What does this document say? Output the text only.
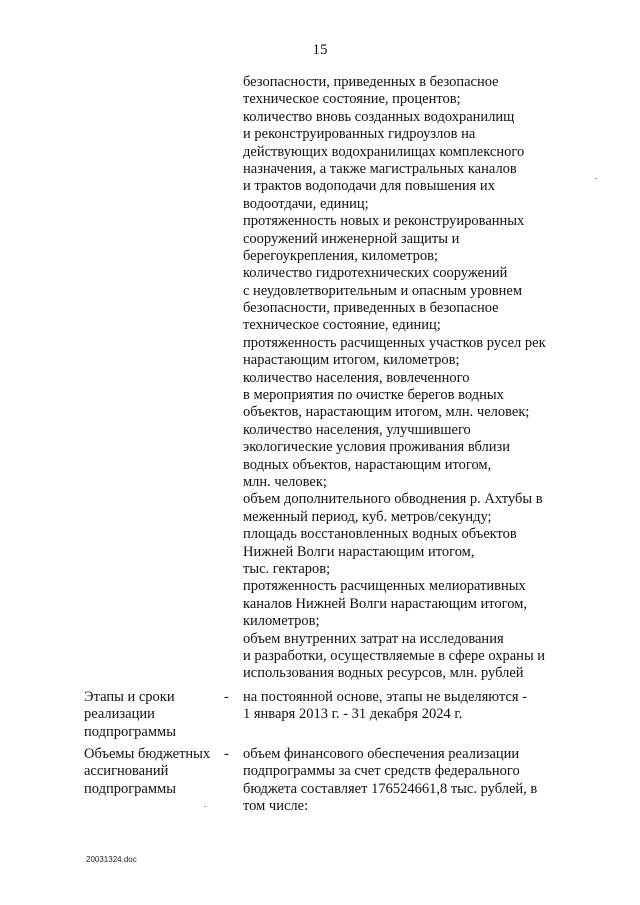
15
безопасности, приведенных в безопасное
техническое состояние, процентов;
количество вновь созданных водохранилищ
и реконструированных гидроузлов на
действующих водохранилищах комплексного
назначения, а также магистральных каналов
и трактов водоподачи для повышения их
водоотдачи, единиц;
протяженность новых и реконструированных
сооружений инженерной защиты и
берегоукрепления, километров;
количество гидротехнических сооружений
с неудовлетворительным и опасным уровнем
безопасности, приведенных в безопасное
техническое состояние, единиц;
протяженность расчищенных участков русел рек
нарастающим итогом, километров;
количество населения, вовлеченного
в мероприятия по очистке берегов водных
объектов, нарастающим итогом, млн. человек;
количество населения, улучшившего
экологические условия проживания вблизи
водных объектов, нарастающим итогом,
млн. человек;
объем дополнительного обводнения р. Ахтубы в
меженный период, куб. метров/секунду;
площадь восстановленных водных объектов
Нижней Волги нарастающим итогом,
тыс. гектаров;
протяженность расчищенных мелиоративных
каналов Нижней Волги нарастающим итогом,
километров;
объем внутренних затрат на исследования
и разработки, осуществляемые в сфере охраны и
использования водных ресурсов, млн. рублей
Этапы и сроки
реализации
подпрограммы
- на постоянной основе, этапы не выделяются -
1 января 2013 г. - 31 декабря 2024 г.
Объемы бюджетных
ассигнований
подпрограммы
- объем финансового обеспечения реализации
подпрограммы за счет средств федерального
бюджета составляет 176524661,8 тыс. рублей, в
том числе:
20031324.doc
